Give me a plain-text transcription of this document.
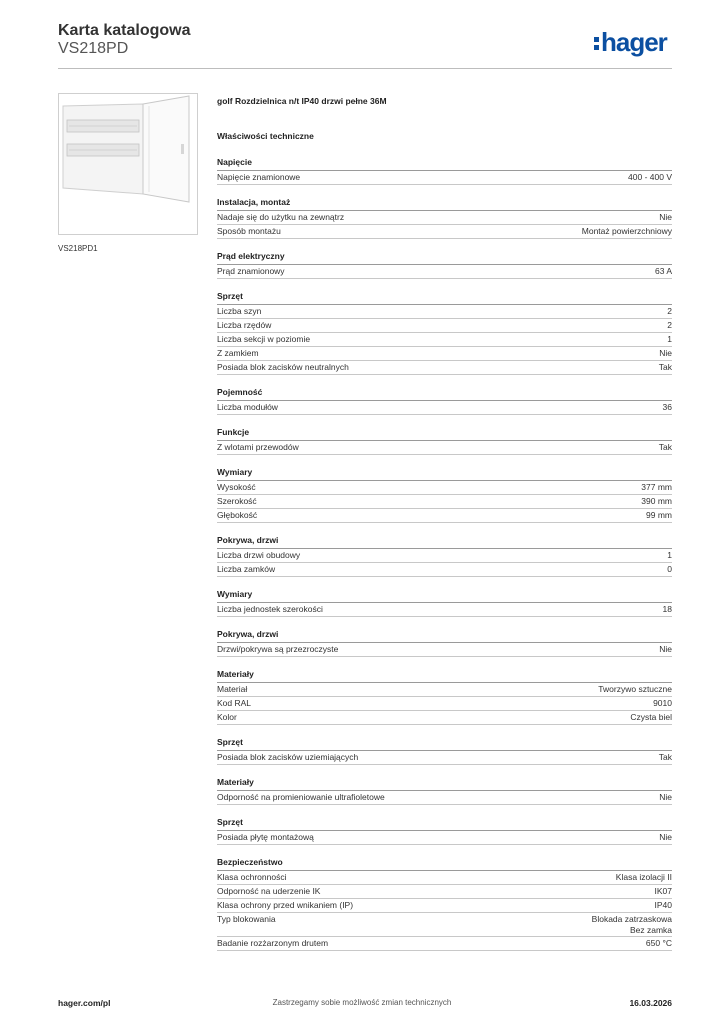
Karta katalogowa
VS218PD	hager
VS218PD1
golf Rozdzielnica n/t IP40 drzwi pełne 36M
Właściwości techniczne
Napięcie
Napięcie znamionowe	400 - 400 V
Instalacja, montaż
Nadaje się do użytku na zewnątrz	Nie
Sposób montażu	Montaż powierzchniowy
Prąd elektryczny
Prąd znamionowy	63 A
Sprzęt
Liczba szyn	2
Liczba rzędów	2
Liczba sekcji w poziomie	1
Z zamkiem	Nie
Posiada blok zacisków neutralnych	Tak
Pojemność
Liczba modułów	36
Funkcje
Z wlotami przewodów	Tak
Wymiary
Wysokość	377 mm
Szerokość	390 mm
Głębokość	99 mm
Pokrywa, drzwi
Liczba drzwi obudowy	1
Liczba zamków	0
Wymiary
Liczba jednostek szerokości	18
Pokrywa, drzwi
Drzwi/pokrywa są przezroczyste	Nie
Materiały
Materiał	Tworzywo sztuczne
Kod RAL	9010
Kolor	Czysta biel
Sprzęt
Posiada blok zacisków uziemiających	Tak
Materiały
Odporność na promieniowanie ultrafioletowe	Nie
Sprzęt
Posiada płytę montażową	Nie
Bezpieczeństwo
Klasa ochronności	Klasa izolacji II
Odporność na uderzenie IK	IK07
Klasa ochrony przed wnikaniem (IP)	IP40
Typ blokowania	Blokada zatrzaskowa
Bez zamka
Badanie rozżarzonym drutem	650 °C
Zastrzegamy sobie możliwość zmian technicznych
hager.com/pl	16.03.2026
